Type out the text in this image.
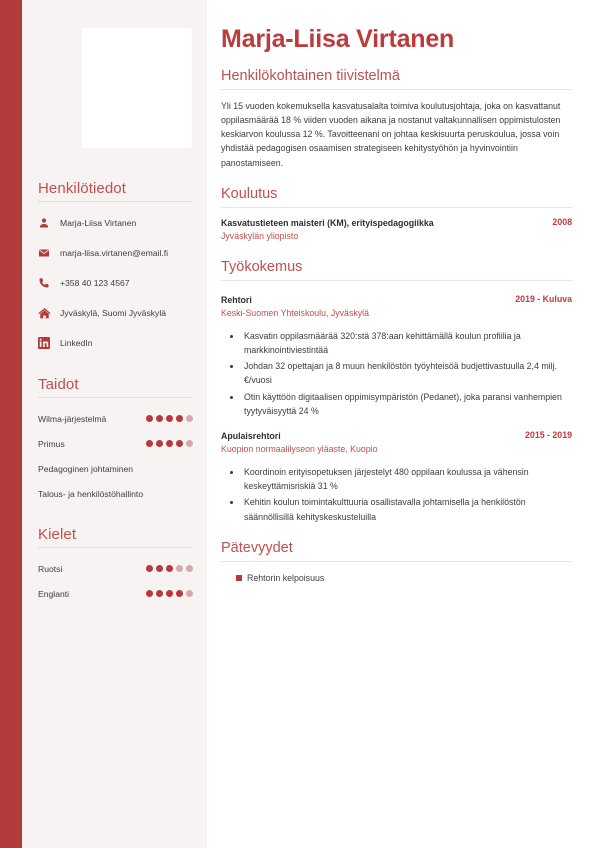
Henkilötiedot
Marja-Liisa Virtanen
marja-liisa.virtanen@email.fi
+358 40 123 4567
Jyväskylä, Suomi Jyväskylä
LinkedIn
Taidot
Wilma-järjestelmä
Primus
Pedagoginen johtaminen
Talous- ja henkilöstöhallinto
Kielet
Ruotsi
Englanti
Marja-Liisa Virtanen
Henkilökohtainen tiivistelmä

Yli 15 vuoden kokemuksella kasvatusalalta toimiva koulutusjohtaja, joka on kasvattanut oppilasmäärää 18 % viiden vuoden aikana ja nostanut valtakunnallisen oppimistulosten keskiarvon koulussa 12 %. Tavoitteenani on johtaa keskisuurta peruskoulua, jossa voin yhdistää pedagogisen osaamisen strategiseen kehitystyöhön ja hyvinvointiin panostamiseen.

Koulutus
Kasvatustieteen maisteri (KM), erityispedagogiikka	2008
Jyväskylän yliopisto
Työkokemus
Rehtori	2019 - Kuluva
Keski-Suomen Yhteiskoulu, Jyväskylä
• Kasvatin oppilasmäärää 320:stä 378:aan kehittämällä koulun profiilia ja markkinointiviestintää
• Johdan 32 opettajan ja 8 muun henkilöstön työyhteisöä budjettivastuulla 2,4 milj. €/vuosi
• Otin käyttöön digitaalisen oppimisympäristön (Pedanet), joka paransi vanhempien tyytyväisyyttä 24 %
Apulaisrehtori	2015 - 2019
Kuopion normaalilyseon yläaste, Kuopio
• Koordinoin erityisopetuksen järjestelyt 480 oppilaan koulussa ja vähensin keskeyttämisriskiä 31 %
• Kehitin koulun toimintakulttuuria osallistavalla johtamisella ja henkilöstön säännöllisillä kehityskeskusteluilla
Pätevyydet
Rehtorin kelpoisuus
